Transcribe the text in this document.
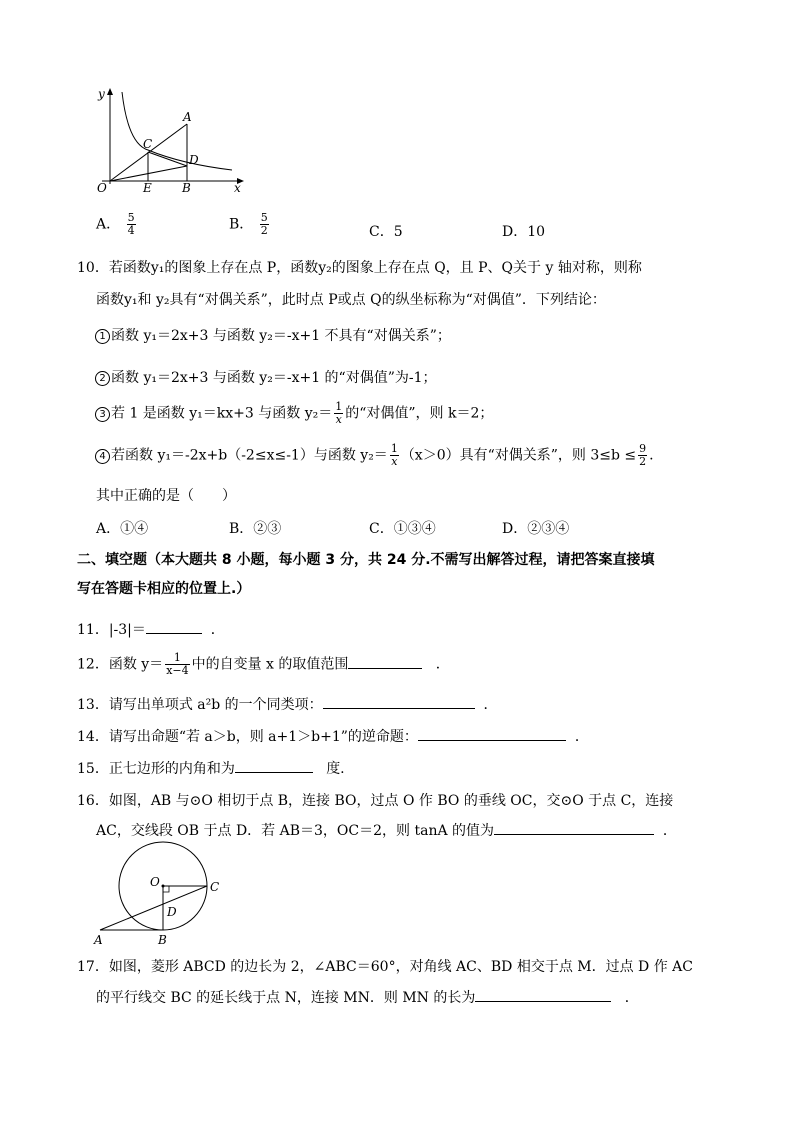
y
A
C
D
O	E	B	x
A． $\frac{5}{4}$	B． $\frac{5}{2}$	C．5	D．10
10．若函数y₁的图象上存在点 P，函数y₂的图象上存在点 Q，且 P、Q关于 y 轴对称，则称
函数y₁和 y₂具有“对偶关系”，此时点 P或点 Q的纵坐标称为“对偶值”．下列结论：
1 函数 y₁＝2x+3 与函数 y₂＝-x+1 不具有“对偶关系”；
2 函数 y₁＝2x+3 与函数 y₂＝-x+1 的“对偶值”为-1；
3 若 1 是函数 y₁＝kx+3 与函数 $y_2= \frac{1}{x}$ 的“对偶值”，则 k＝2；
4 若函数 y₁＝-2x+b（-2≤x≤-1）与函数 $y_2= \frac{1}{x} (x>0)$具有“对偶关系”，则 $3\le b \le \frac{9}{2}$ .
其中正确的是（　　）
A．①④	B．②③	C．①③④	D．②③④
二、填空题（本大题共 8 小题，每小题 3 分，共 24 分.不需写出解答过程，请把答案直接填
写在答题卡相应的位置上.）
11．|-3|＝	．
12．函数 $y= \frac{1}{x-4}$ 中的自变量 x 的取值范围	．
13．请写出单项式 a²b 的一个同类项：	．
14．请写出命题“若 a＞b，则 a+1＞b+1”的逆命题：	．
15．正七边形的内角和为	度.
16．如图，AB 与⊙O 相切于点 B，连接 BO，过点 O 作 BO 的垂线 OC，交⊙O 于点 C，连接
AC，交线段 OB 于点 D．若 AB＝3，OC＝2，则 tanA 的值为	．
O	C
D
A	B
17．如图，菱形 ABCD 的边长为 2，∠ABC＝60°，对角线 AC、BD 相交于点 M．过点 D 作 AC
的平行线交 BC 的延长线于点 N，连接 MN．则 MN 的长为	．
